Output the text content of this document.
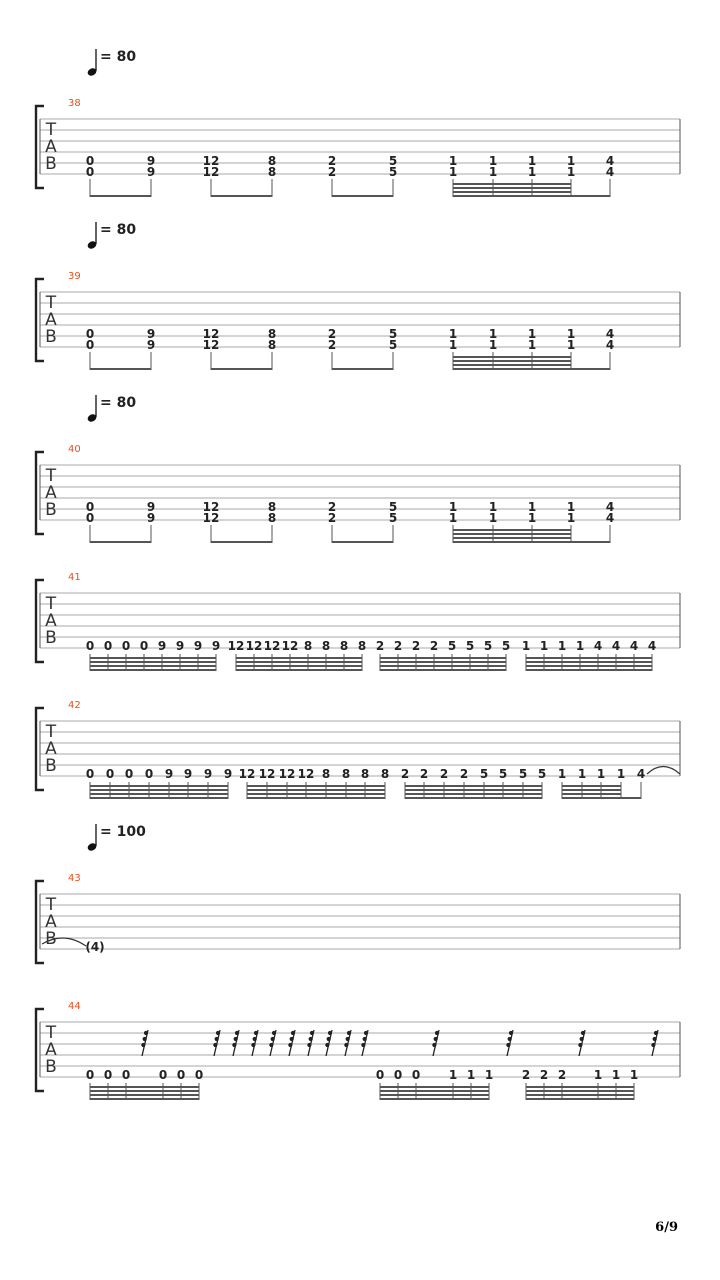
T
A
B
38
= 80
0
0
9
9
12
12
8
8
2
2
5
5
1
1
1
1
1
1
1
1
4
4
T
A
B
39
= 80
0
0
9
9
12
12
8
8
2
2
5
5
1
1
1
1
1
1
1
1
4
4
T
A
B
40
= 80
0
0
9
9
12
12
8
8
2
2
5
5
1
1
1
1
1
1
1
1
4
4
T
A
B
41
0 0 0 0 9 9 9 9 12 12 12 12 8 8 8 8 2 2 2 2 5 5 5 5 1 1 1 1 4 4 4 4
T
A
B
42
0 0 0 0 9 9 9 9 12 12 12 12 8 8 8 8 2 2 2 2 5 5 5 5 1 1 1 1 4
T
A
B
43
= 100
(4)
T
A
B
44
0 0 0 0 0 0	0 0 0 1 1 1 2 2 2 1 1 1
6/9
